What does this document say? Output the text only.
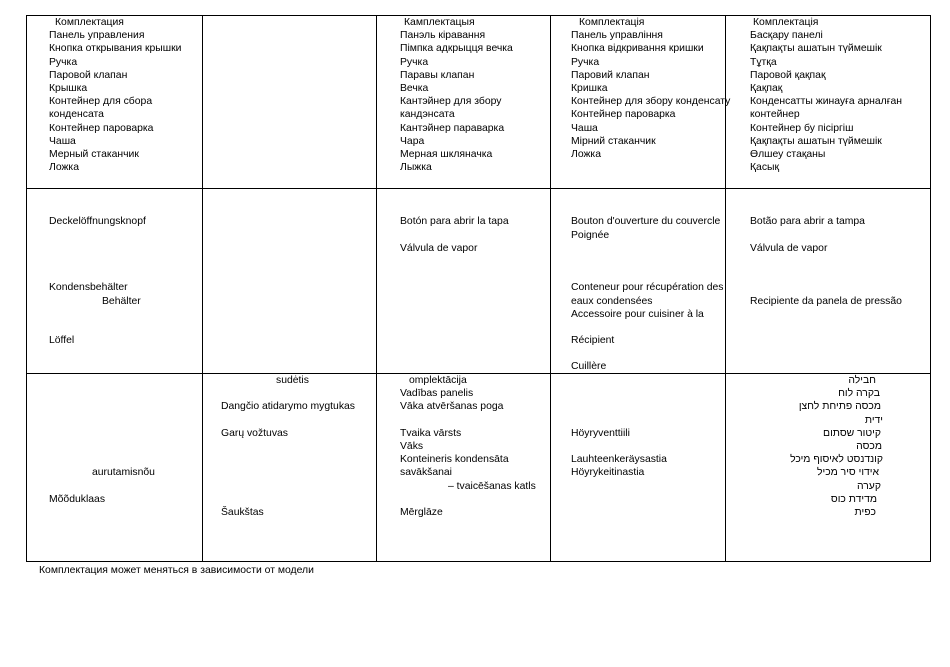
Комплектация
Панель управления
Кнопка открывания крышки
Ручка
Паровой клапан
Крышка
Контейнер для сбора
конденсата
Контейнер пароварка
Чаша
Мерный стаканчик
Ложка
Камплектацыя
Панэль кіравання
Пімпка адкрыцця вечка
Ручка
Паравы клапан
Вечка
Кантэйнер для збору
кандэнсата
Кантэйнер параварка
Чара
Мерная шкляначка
Лыжка
Комплектація
Панель управління
Кнопка відкривання кришки
Ручка
Паровий клапан
Кришка
Контейнер для збору конденсату
Контейнер пароварка
Чаша
Мірний стаканчик
Ложка
Комплектація
Басқару панелі
Қақпақты ашатын түймешік
Тұтқа
Паровой қақпақ
Қақпақ
Конденсатты жинауға арналған
контейнер
Контейнер бу пісіргіш
Қақпақты ашатын түймешік
Өлшеу стақаны
Қасық
Deckelöffnungsknopf
Kondensbehälter
Behälter
Löffel
Botón para abrir la tapa
Válvula de vapor
Bouton d'ouverture du couvercle
Poignée
Conteneur pour récupération des
eaux condensées
Accessoire pour cuisiner à la
Récipient
Cuillère
Botão para abrir a tampa
Válvula de vapor
Recipiente da panela de pressão
aurutamisnõu
Mõõduklaas
sudėtis
Dangčio atidarymo mygtukas
Garų vožtuvas
Šaukštas
omplektācija
Vadības panelis
Vāka atvēršanas poga
Tvaika vārsts
Vāks
Konteineris kondensāta
savākšanai
– tvaicēšanas katls
Mērglāze
Höyryventtiili
Lauhteenkeräysastia
Höyrykeitinastia
חבילה
בקרה לוח
מכסה פתיחת לחצן
ידית
קיטור שסתום
מכסה
קונדנסט לאיסוף מיכל
אידוי סיר מכיל
קערה
מדידת כוס
כפית
Комплектация может меняться в зависимости от модели
